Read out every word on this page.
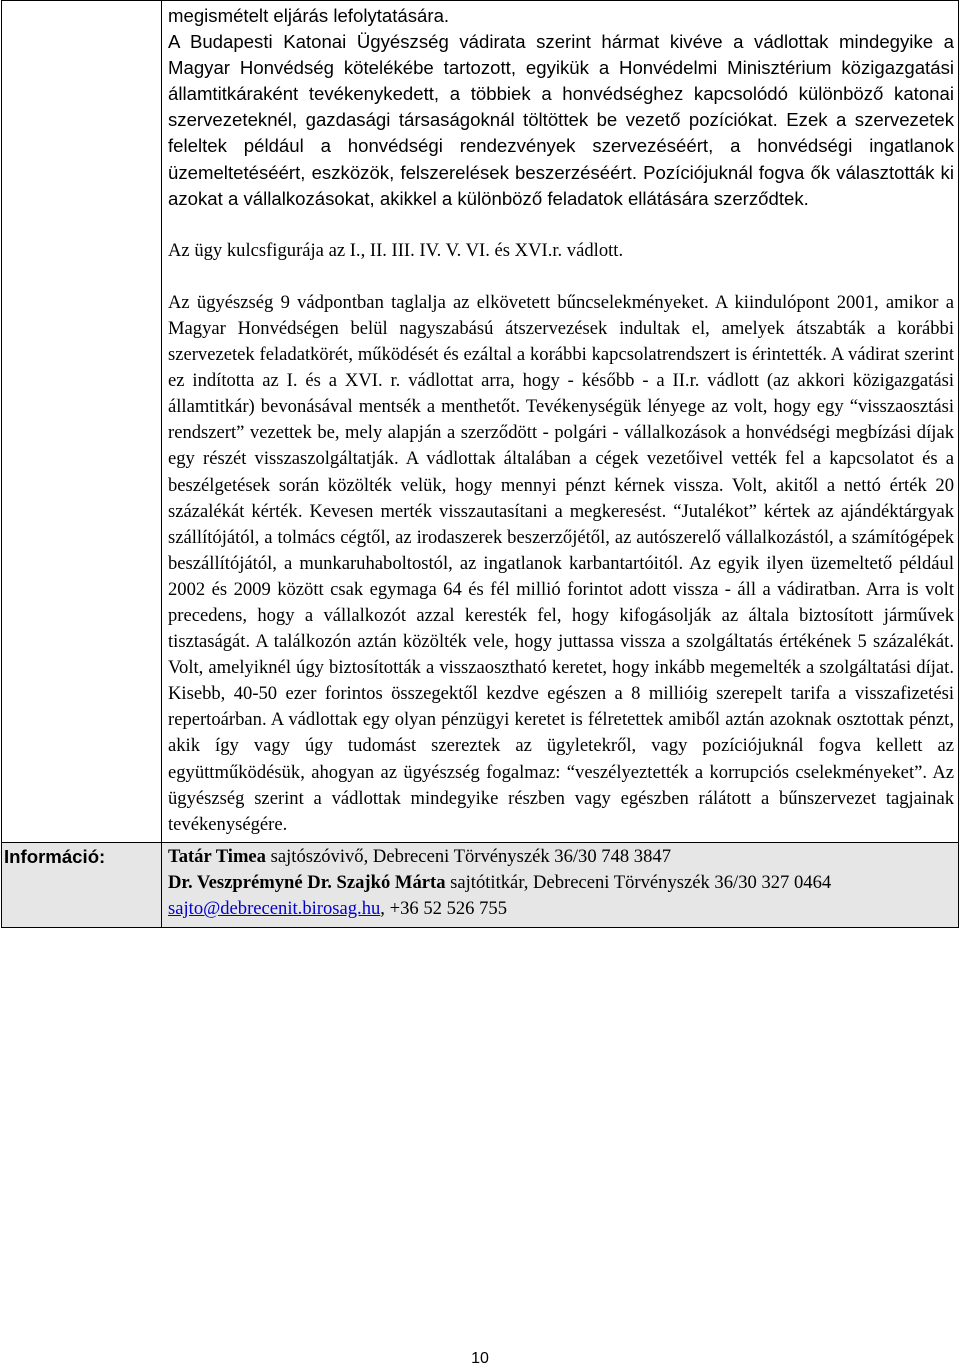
	megismételt eljárás lefolytatására.

A Budapesti Katonai Ügyészség vádirata szerint hármat kivéve a vádlottak mindegyike a Magyar Honvédség kötelékébe tartozott, egyikük a Honvédelmi Minisztérium közigazgatási államtitkáraként tevékenykedett, a többiek a honvédséghez kapcsolódó különböző katonai szervezeteknél, gazdasági társaságoknál töltöttek be vezető pozíciókat. Ezek a szervezetek feleltek például a honvédségi rendezvények szervezéséért, a honvédségi ingatlanok üzemeltetéséért, eszközök, felszerelések beszerzéséért. Pozíciójuknál fogva ők választották ki azokat a vállalkozásokat, akikkel a különböző feladatok ellátására szerződtek.

Az ügy kulcsfigurája az I., II. III. IV. V. VI. és XVI.r. vádlott.

Az ügyészség 9 vádpontban taglalja az elkövetett bűncselekményeket. A kiindulópont 2001, amikor a Magyar Honvédségen belül nagyszabású átszervezések indultak el, amelyek átszabták a korábbi szervezetek feladatkörét, működését és ezáltal a korábbi kapcsolatrendszert is érintették. A vádirat szerint ez indította az I. és a XVI. r. vádlottat arra, hogy - később - a II.r. vádlott (az akkori közigazgatási államtitkár) bevonásával mentsék a menthetőt. Tevékenységük lényege az volt, hogy egy “visszaosztási rendszert” vezettek be, mely alapján a szerződött - polgári - vállalkozások a honvédségi megbízási díjak egy részét visszaszolgáltatják. A vádlottak általában a cégek vezetőivel vették fel a kapcsolatot és a beszélgetések során közölték velük, hogy mennyi pénzt kérnek vissza. Volt, akitől a nettó érték 20 százalékát kérték. Kevesen merték visszautasítani a megkeresést. “Jutalékot” kértek az ajándéktárgyak szállítójától, a tolmács cégtől, az irodaszerek beszerzőjétől, az autószerelő vállalkozástól, a számítógépek beszállítójától, a munkaruhaboltostól, az ingatlanok karbantartóitól. Az egyik ilyen üzemeltető például 2002 és 2009 között csak egymaga 64 és fél millió forintot adott vissza - áll a vádiratban. Arra is volt precedens, hogy a vállalkozót azzal keresték fel, hogy kifogásolják az általa biztosított járművek tisztaságát. A találkozón aztán közölték vele, hogy juttassa vissza a szolgáltatás értékének 5 százalékát. Volt, amelyiknél úgy biztosították a visszaosztható keretet, hogy inkább megemelték a szolgáltatási díjat. Kisebb, 40-50 ezer forintos összegektől kezdve egészen a 8 millióig szerepelt tarifa a visszafizetési repertoárban. A vádlottak egy olyan pénzügyi keretet is félretettek amiből aztán azoknak osztottak pénzt, akik így vagy úgy tudomást szereztek az ügyletekről, vagy pozíciójuknál fogva kellett az együttműködésük, ahogyan az ügyészség fogalmaz: “veszélyeztették a korrupciós cselekményeket”. Az ügyészség szerint a vádlottak mindegyike részben vagy egészben rálátott a bűnszervezet tagjainak tevékenységére.

Információ:	Tatár Timea sajtószóvivő, Debreceni Törvényszék 36/30 748 3847

Dr. Veszprémyné Dr. Szajkó Márta sajtótitkár, Debreceni Törvényszék 36/30 327 0464

sajto@debrecenit.birosag.hu, +36 52 526 755

10
